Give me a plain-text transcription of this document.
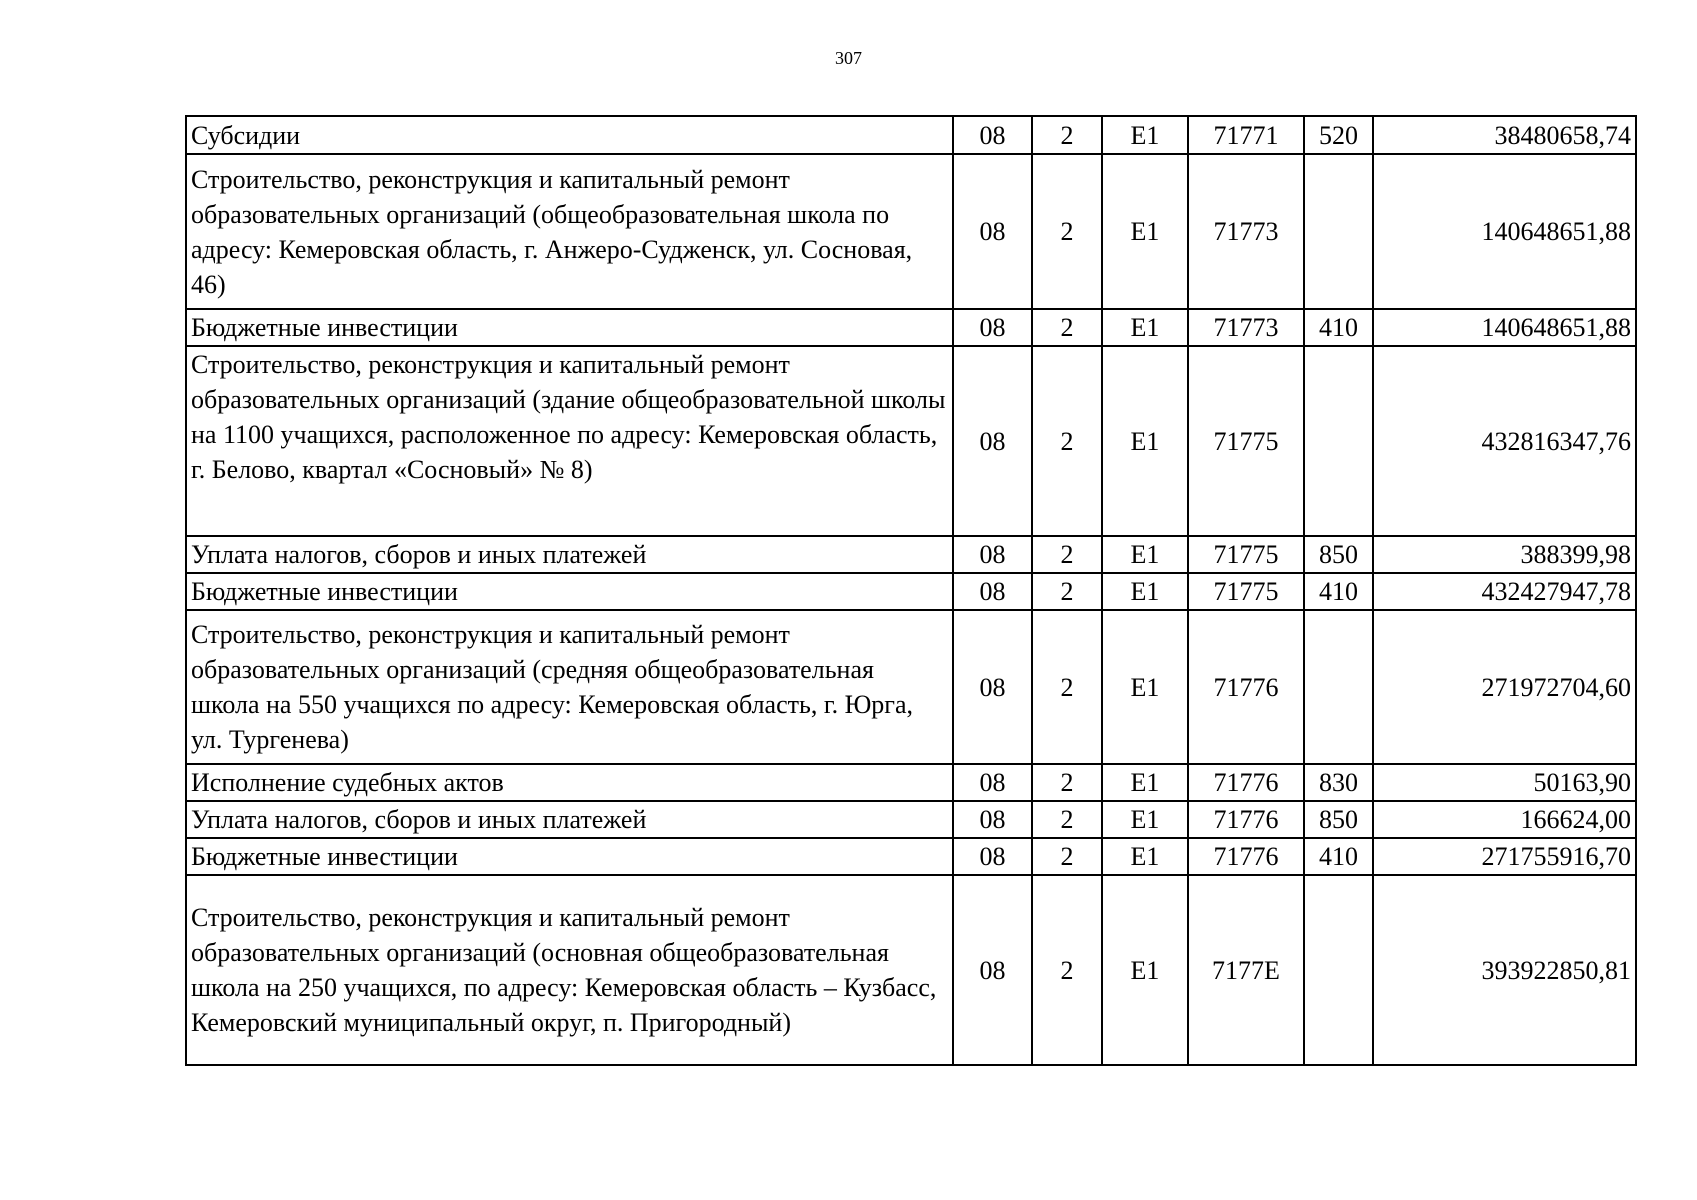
307
Субсидии	08	2	Е1	71771	520	38480658,74
Строительство, реконструкция и капитальный ремонт образовательных организаций (общеобразовательная школа по адресу: Кемеровская область, г. Анжеро-Судженск, ул. Сосновая, 46)	08	2	Е1	71773		140648651,88
Бюджетные инвестиции	08	2	Е1	71773	410	140648651,88
Строительство, реконструкция и капитальный ремонт образовательных организаций (здание общеобразовательной школы на 1100 учащихся, расположенное по адресу: Кемеровская область, г. Белово, квартал «Сосновый» № 8)	08	2	Е1	71775		432816347,76
Уплата налогов, сборов и иных платежей	08	2	Е1	71775	850	388399,98
Бюджетные инвестиции	08	2	Е1	71775	410	432427947,78
Строительство, реконструкция и капитальный ремонт образовательных организаций (средняя общеобразовательная школа на 550 учащихся по адресу: Кемеровская область, г. Юрга, ул. Тургенева)	08	2	Е1	71776		271972704,60
Исполнение судебных актов	08	2	Е1	71776	830	50163,90
Уплата налогов, сборов и иных платежей	08	2	Е1	71776	850	166624,00
Бюджетные инвестиции	08	2	Е1	71776	410	271755916,70
Строительство, реконструкция и капитальный ремонт образовательных организаций (основная общеобразовательная школа на 250 учащихся, по адресу: Кемеровская область – Кузбасс, Кемеровский муниципальный округ, п. Пригородный)	08	2	Е1	7177Е		393922850,81
